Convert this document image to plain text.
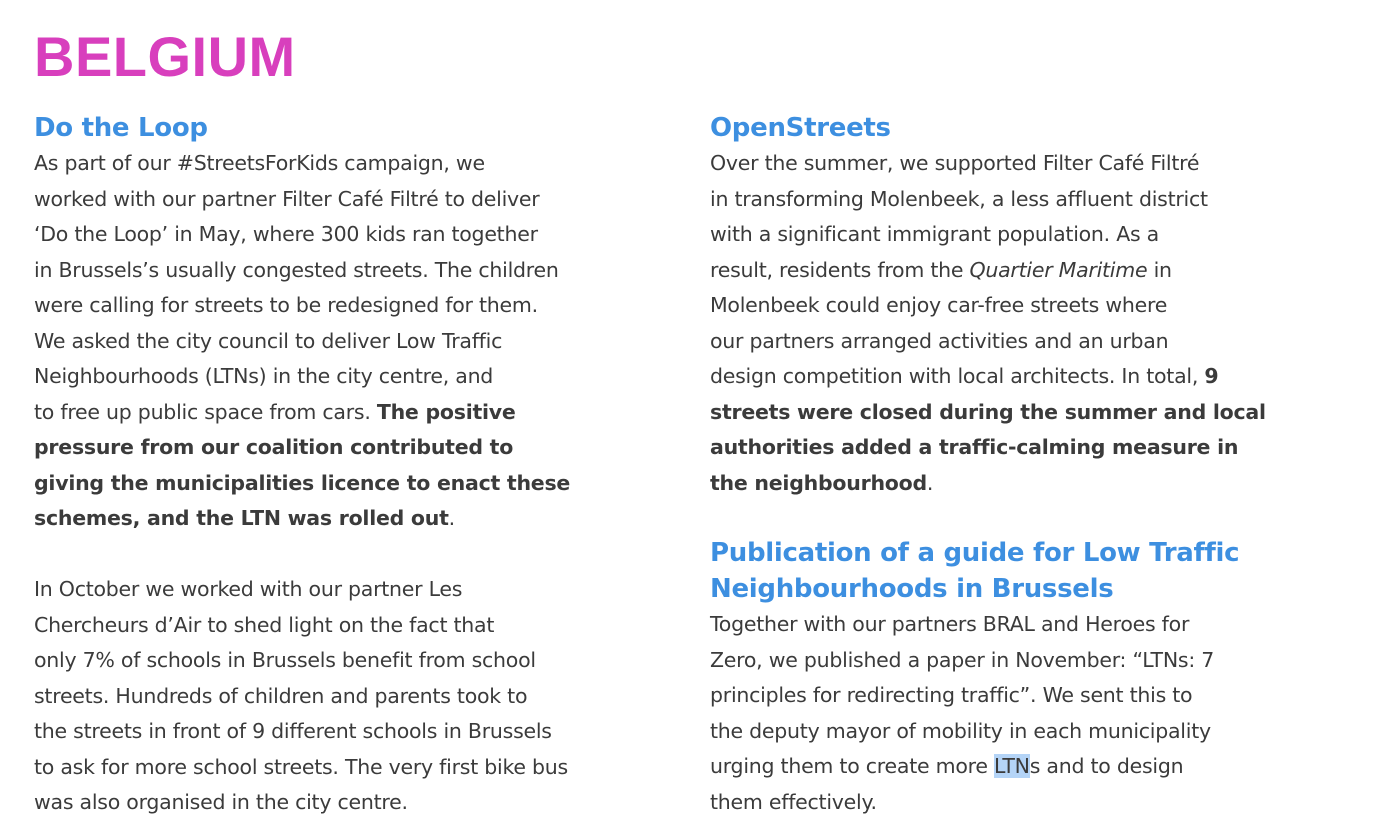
BELGIUM
Do the Loop

As part of our #StreetsForKids campaign, we
worked with our partner Filter Café Filtré to deliver
‘Do the Loop’ in May, where 300 kids ran together
in Brussels’s usually congested streets. The children
were calling for streets to be redesigned for them.
We asked the city council to deliver Low Traffic
Neighbourhoods (LTNs) in the city centre, and
to free up public space from cars. The positive
pressure from our coalition contributed to
giving the municipalities licence to enact these
schemes, and the LTN was rolled out.

In October we worked with our partner Les
Chercheurs d’Air to shed light on the fact that
only 7% of schools in Brussels benefit from school
streets. Hundreds of children and parents took to
the streets in front of 9 different schools in Brussels
to ask for more school streets. The very first bike bus
was also organised in the city centre.

OpenStreets

Over the summer, we supported Filter Café Filtré
in transforming Molenbeek, a less affluent district
with a significant immigrant population. As a
result, residents from the Quartier Maritime in
Molenbeek could enjoy car-free streets where
our partners arranged activities and an urban
design competition with local architects. In total, 9
streets were closed during the summer and local
authorities added a traffic-calming measure in
the neighbourhood.

Publication of a guide for Low Traffic
Neighbourhoods in Brussels

Together with our partners BRAL and Heroes for
Zero, we published a paper in November: “LTNs: 7
principles for redirecting traffic”. We sent this to
the deputy mayor of mobility in each municipality
urging them to create more LTNs and to design
them effectively.
